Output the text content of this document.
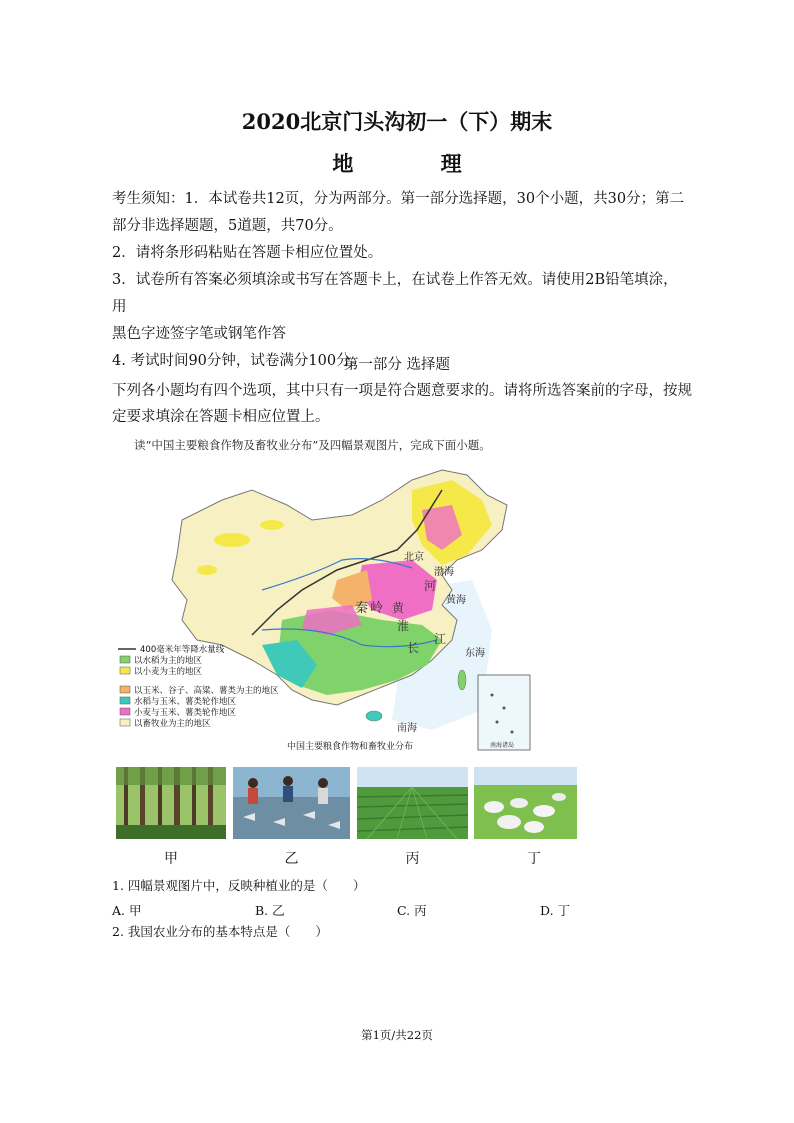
2020北京门头沟初一（下）期末
地 理
考生须知：1．本试卷共12页，分为两部分。第一部分选择题，30个小题，共30分；第二
部分非选择题题，5道题，共70分。
2．请将条形码粘贴在答题卡相应位置处。
3．试卷所有答案必须填涂或书写在答题卡上，在试卷上作答无效。请使用2B铅笔填涂，用
黑色字迹签字笔或钢笔作答
4. 考试时间90分钟，试卷满分100分。
第一部分 选择题
下列各小题均有四个选项，其中只有一项是符合题意要求的。请将所选答案前的字母，按规
定要求填涂在答题卡相应位置上。
读“中国主要粮食作物及畜牧业分布”及四幅景观图片，完成下面小题。
北京
渤海
黄海
东海
南海
秦 岭 黄
河
淮
长
江
南海诸岛
400毫米年等降水量线
以水稻为主的地区
以小麦为主的地区
以玉米、谷子、高粱、薯类为主的地区
水稻与玉米、薯类轮作地区
小麦与玉米、薯类轮作地区
以畜牧业为主的地区
中国主要粮食作物和畜牧业分布
甲	乙	丙	丁
1. 四幅景观图片中，反映种植业的是（　　）
A. 甲	B. 乙	C. 丙	D. 丁
2. 我国农业分布的基本特点是（　　）
第1页/共22页
